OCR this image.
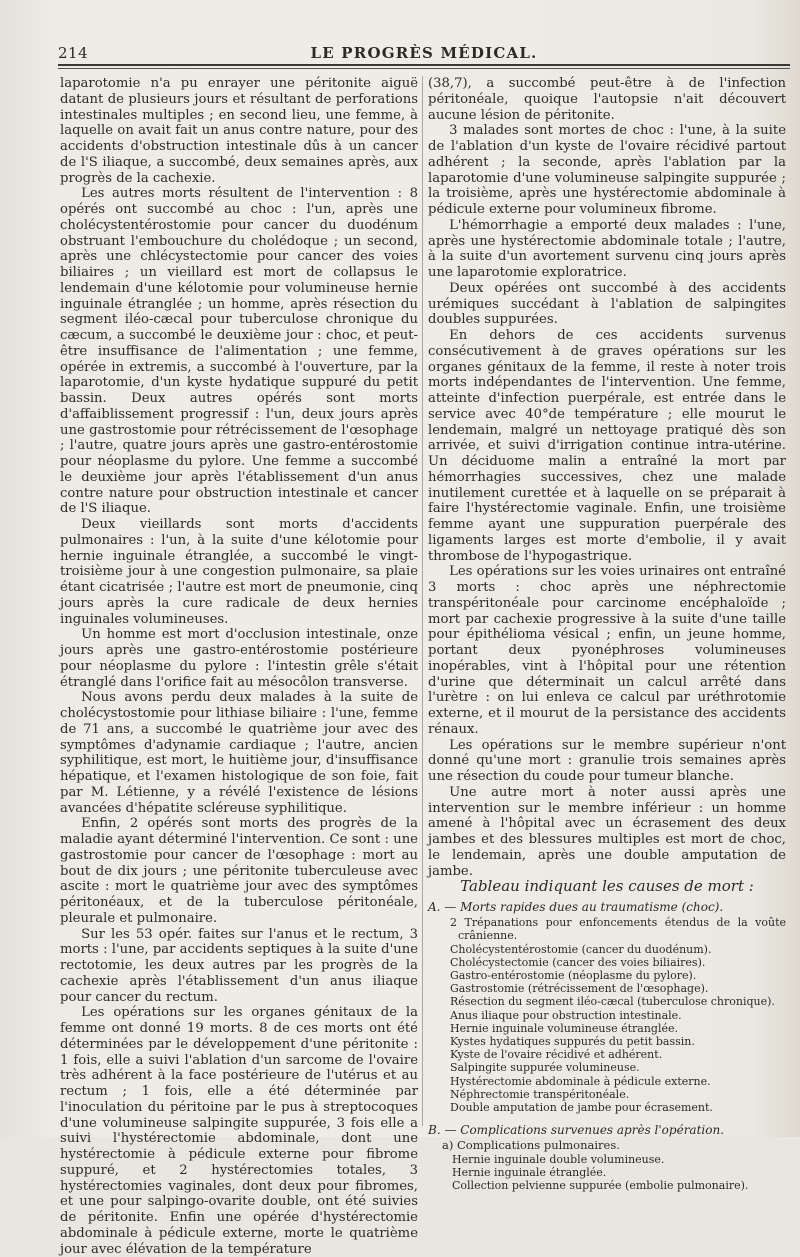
214	LE PROGRÈS MÉDICAL.

laparotomie n'a pu enrayer une péritonite aiguë datant de plusieurs jours et résultant de perforations intestinales multiples ; en second lieu, une femme, à laquelle on avait fait un anus contre nature, pour des accidents d'obstruction intestinale dûs à un cancer de l'S iliaque, a succombé, deux semaines après, aux progrès de la cachexie.

Les autres morts résultent de l'intervention : 8 opérés ont succombé au choc : l'un, après une cholécystentérostomie pour cancer du duodénum obstruant l'embouchure du cholédoque ; un second, après une chlécystectomie pour cancer des voies biliaires ; un vieillard est mort de collapsus le lendemain d'une kélotomie pour volumineuse hernie inguinale étranglée ; un homme, après résection du segment iléo-cæcal pour tuberculose chronique du cæcum, a succombé le deuxième jour : choc, et peut-être insuffisance de l'alimentation ; une femme, opérée in extremis, a succombé à l'ouverture, par la laparotomie, d'un kyste hydatique suppuré du petit bassin. Deux autres opérés sont morts d'affaiblissement progressif : l'un, deux jours après une gastrostomie pour rétrécissement de l'œsophage ; l'autre, quatre jours après une gastro-entérostomie pour néoplasme du pylore. Une femme a succombé le deuxième jour après l'établissement d'un anus contre nature pour obstruction intestinale et cancer de l'S iliaque.

Deux vieillards sont morts d'accidents pulmonaires : l'un, à la suite d'une kélotomie pour hernie inguinale étranglée, a succombé le vingt-troisième jour à une congestion pulmonaire, sa plaie étant cicatrisée ; l'autre est mort de pneumonie, cinq jours après la cure radicale de deux hernies inguinales volumineuses.

Un homme est mort d'occlusion intestinale, onze jours après une gastro-entérostomie postérieure pour néoplasme du pylore : l'intestin grêle s'était étranglé dans l'orifice fait au mésocôlon transverse.

Nous avons perdu deux malades à la suite de cholécystostomie pour lithiase biliaire : l'une, femme de 71 ans, a succombé le quatrième jour avec des symptômes d'adynamie cardiaque ; l'autre, ancien syphilitique, est mort, le huitième jour, d'insuffisance hépatique, et l'examen histologique de son foie, fait par M. Létienne, y a révélé l'existence de lésions avancées d'hépatite scléreuse syphilitique.

Enfin, 2 opérés sont morts des progrès de la maladie ayant déterminé l'intervention. Ce sont : une gastrostomie pour cancer de l'œsophage : mort au bout de dix jours ; une péritonite tuberculeuse avec ascite : mort le quatrième jour avec des symptômes péritonéaux, et de la tuberculose péritonéale, pleurale et pulmonaire.

Sur les 53 opér. faites sur l'anus et le rectum, 3 morts : l'une, par accidents septiques à la suite d'une rectotomie, les deux autres par les progrès de la cachexie après l'établissement d'un anus iliaque pour cancer du rectum.

Les opérations sur les organes génitaux de la femme ont donné 19 morts. 8 de ces morts ont été déterminées par le développement d'une péritonite : 1 fois, elle a suivi l'ablation d'un sarcome de l'ovaire très adhérent à la face postérieure de l'utérus et au rectum ; 1 fois, elle a été déterminée par l'inoculation du péritoine par le pus à streptocoques d'une volumineuse salpingite suppurée, 3 fois elle a suivi l'hystérectomie abdominale, dont une hystérectomie à pédicule externe pour fibrome suppuré, et 2 hystérectomies totales, 3 hystérectomies vaginales, dont deux pour fibromes, et une pour salpingo-ovarite double, ont été suivies de péritonite. Enfin une opérée d'hystérectomie abdominale à pédicule externe, morte le quatrième jour avec élévation de la température

(38,7), a succombé peut-être à de l'infection péritonéale, quoique l'autopsie n'ait découvert aucune lésion de péritonite.

3 malades sont mortes de choc : l'une, à la suite de l'ablation d'un kyste de l'ovaire récidivé partout adhérent ; la seconde, après l'ablation par la laparotomie d'une volumineuse salpingite suppurée ; la troisième, après une hystérectomie abdominale à pédicule externe pour volumineux fibrome.

L'hémorrhagie a emporté deux malades : l'une, après une hystérectomie abdominale totale ; l'autre, à la suite d'un avortement survenu cinq jours après une laparotomie exploratrice.

Deux opérées ont succombé à des accidents urémiques succédant à l'ablation de salpingites doubles suppurées.

En dehors de ces accidents survenus consécutivement à de graves opérations sur les organes génitaux de la femme, il reste à noter trois morts indépendantes de l'intervention. Une femme, atteinte d'infection puerpérale, est entrée dans le service avec 40°de température ; elle mourut le lendemain, malgré un nettoyage pratiqué dès son arrivée, et suivi d'irrigation continue intra-utérine. Un déciduome malin a entraîné la mort par hémorrhagies successives, chez une malade inutilement curettée et à laquelle on se préparait à faire l'hystérectomie vaginale. Enfin, une troisième femme ayant une suppuration puerpérale des ligaments larges est morte d'embolie, il y avait thrombose de l'hypogastrique.

Les opérations sur les voies urinaires ont entraîné 3 morts : choc après une néphrectomie transpéritonéale pour carcinome encéphaloïde ; mort par cachexie progressive à la suite d'une taille pour épithélioma vésical ; enfin, un jeune homme, portant deux pyonéphroses volumineuses inopérables, vint à l'hôpital pour une rétention d'urine que déterminait un calcul arrêté dans l'urètre : on lui enleva ce calcul par uréthrotomie externe, et il mourut de la persistance des accidents rénaux.

Les opérations sur le membre supérieur n'ont donné qu'une mort : granulie trois semaines après une résection du coude pour tumeur blanche.

Une autre mort à noter aussi après une intervention sur le membre inférieur : un homme amené à l'hôpital avec un écrasement des deux jambes et des blessures multiples est mort de choc, le lendemain, après une double amputation de jambe.

Tableau indiquant les causes de mort :

A. — Morts rapides dues au traumatisme (choc).
2 Trépanations pour enfoncements étendus de la voûte crânienne.
Cholécystentérostomie (cancer du duodénum).
Cholécystectomie (cancer des voies biliaires).
Gastro-entérostomie (néoplasme du pylore).
Gastrostomie (rétrécissement de l'œsophage).
Résection du segment iléo-cæcal (tuberculose chronique).
Anus iliaque pour obstruction intestinale.
Hernie inguinale volumineuse étranglée.
Kystes hydatiques suppurés du petit bassin.
Kyste de l'ovaire récidivé et adhérent.
Salpingite suppurée volumineuse.
Hystérectomie abdominale à pédicule externe.
Néphrectomie transpéritonéale.
Double amputation de jambe pour écrasement.
B. — Complications survenues après l'opération.
a) Complications pulmonaires.
Hernie inguinale double volumineuse.
Hernie inguinale étranglée.
Collection pelvienne suppurée (embolie pulmonaire).
